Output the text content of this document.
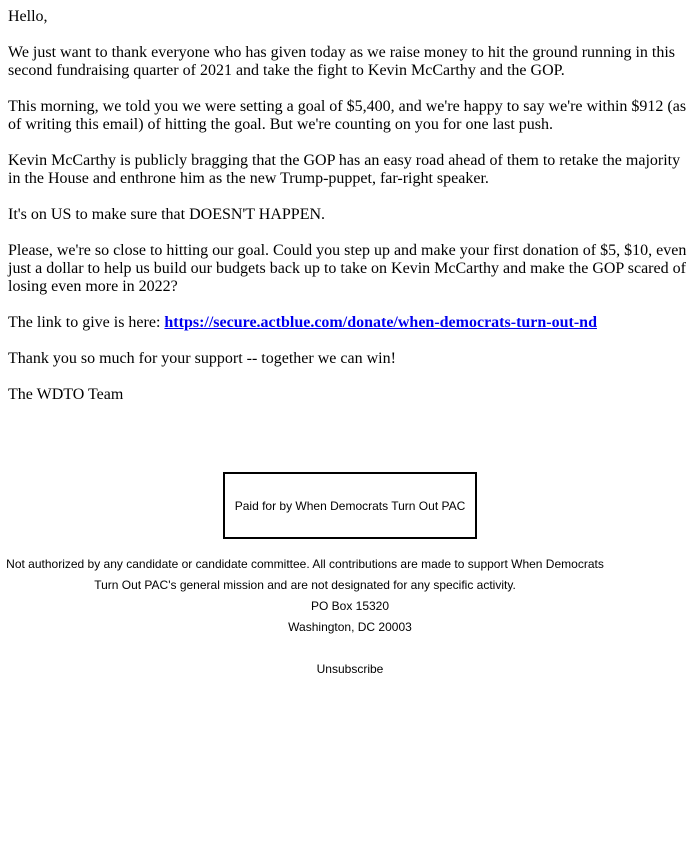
Hello,

We just want to thank everyone who has given today as we raise money to hit the ground running in this second fundraising quarter of 2021 and take the fight to Kevin McCarthy and the GOP.

This morning, we told you we were setting a goal of $5,400, and we're happy to say we're within $912 (as of writing this email) of hitting the goal. But we're counting on you for one last push.

Kevin McCarthy is publicly bragging that the GOP has an easy road ahead of them to retake the majority in the House and enthrone him as the new Trump-puppet, far-right speaker.

It's on US to make sure that DOESN'T HAPPEN.

Please, we're so close to hitting our goal. Could you step up and make your first donation of $5, $10, even just a dollar to help us build our budgets back up to take on Kevin McCarthy and make the GOP scared of losing even more in 2022?

The link to give is here: https://secure.actblue.com/donate/when-democrats-turn-out-nd

Thank you so much for your support -- together we can win!

The WDTO Team

Paid for by When Democrats Turn Out PAC
Not authorized by any candidate or candidate committee. All contributions are made to support When Democrats Turn Out PAC's general mission and are not designated for any specific activity.
PO Box 15320
Washington, DC 20003
Unsubscribe
